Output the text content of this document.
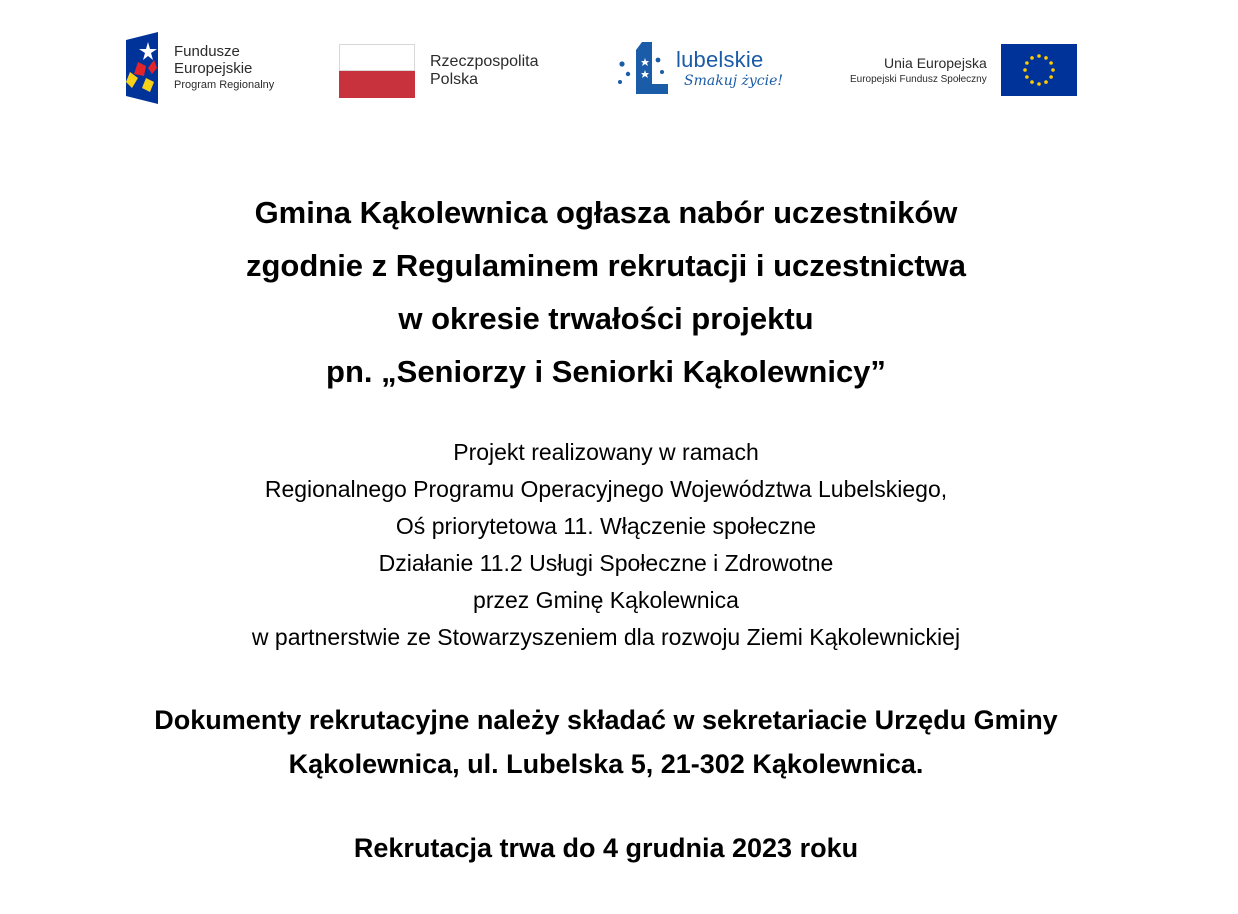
Fundusze
Europejskie
Program Regionalny
Rzeczpospolita
Polska
lubelskie
Smakuj życie!
Unia Europejska
Europejski Fundusz Społeczny
Gmina Kąkolewnica ogłasza nabór uczestników
zgodnie z Regulaminem rekrutacji i uczestnictwa
w okresie trwałości projektu
pn. „Seniorzy i Seniorki Kąkolewnicy”
Projekt realizowany w ramach
Regionalnego Programu Operacyjnego Województwa Lubelskiego,
Oś priorytetowa 11. Włączenie społeczne
Działanie 11.2 Usługi Społeczne i Zdrowotne
przez Gminę Kąkolewnica
w partnerstwie ze Stowarzyszeniem dla rozwoju Ziemi Kąkolewnickiej
Dokumenty rekrutacyjne należy składać w sekretariacie Urzędu Gminy
Kąkolewnica, ul. Lubelska 5, 21-302 Kąkolewnica.
Rekrutacja trwa do 4 grudnia 2023 roku
